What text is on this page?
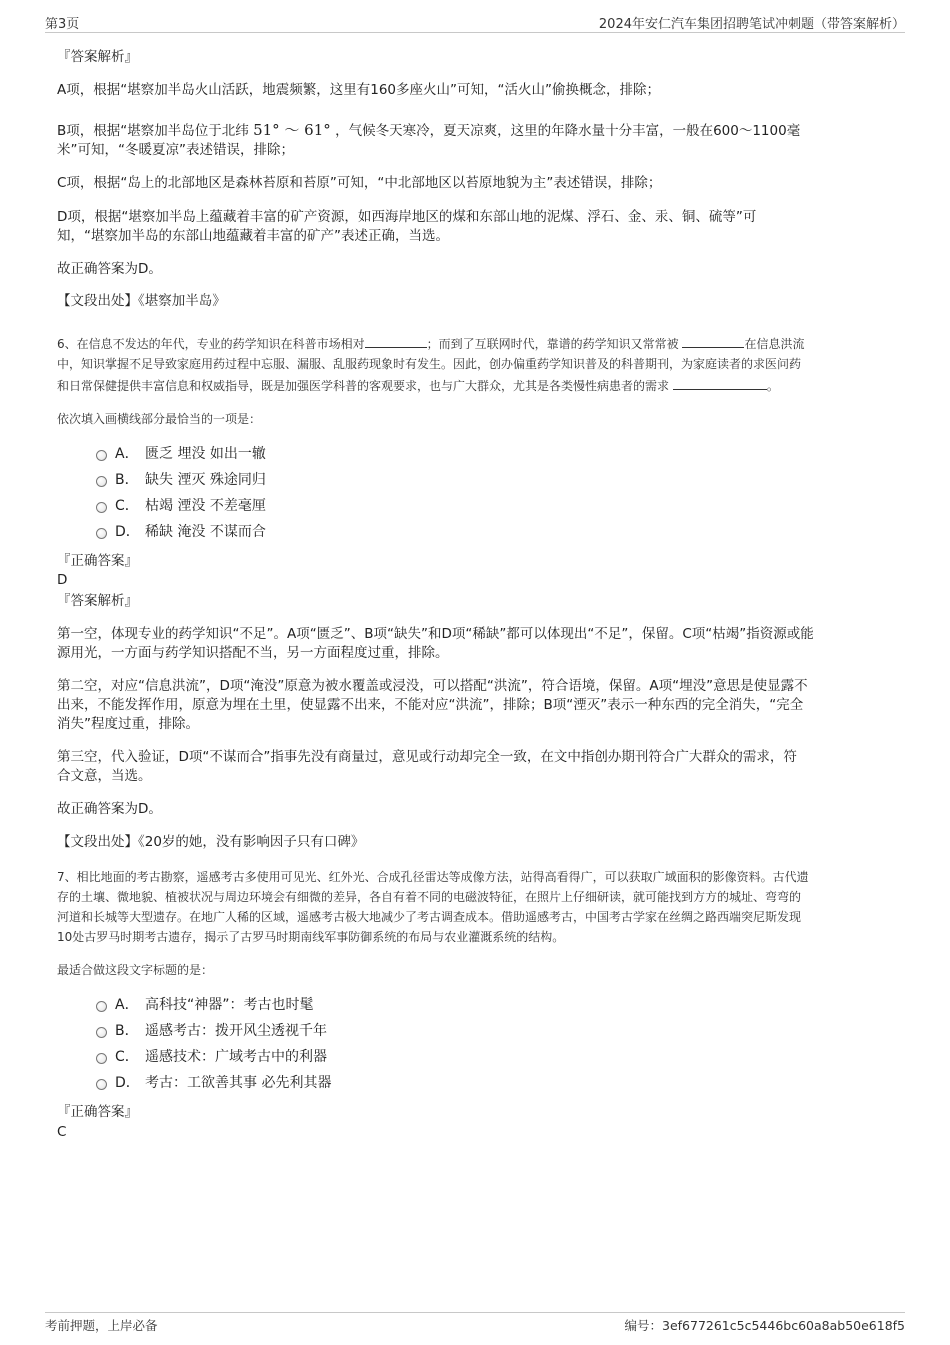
第3页	2024年安仁汽车集团招聘笔试冲刺题（带答案解析）
『答案解析』
A项，根据“堪察加半岛火山活跃，地震频繁，这里有160多座火山”可知，“活火山”偷换概念，排除；
B项，根据“堪察加半岛位于北纬 51° ～ 61° ，气候冬天寒冷，夏天凉爽，这里的年降水量十分丰富，一般在600～1100毫
米”可知，“冬暖夏凉”表述错误，排除；
C项，根据“岛上的北部地区是森林苔原和苔原”可知，“中北部地区以苔原地貌为主”表述错误，排除；
D项，根据“堪察加半岛上蕴藏着丰富的矿产资源，如西海岸地区的煤和东部山地的泥煤、浮石、金、汞、铜、硫等”可
知，“堪察加半岛的东部山地蕴藏着丰富的矿产”表述正确，当选。
故正确答案为D。
【文段出处】《堪察加半岛》
6、在信息不发达的年代，专业的药学知识在科普市场相对	；而到了互联网时代，靠谱的药学知识又常常被	在信息洪流
中，知识掌握不足导致家庭用药过程中忘服、漏服、乱服药现象时有发生。因此，创办偏重药学知识普及的科普期刊，为家庭读者的求医问药
和日常保健提供丰富信息和权威指导，既是加强医学科普的客观要求，也与广大群众，尤其是各类慢性病患者的需求	。
依次填入画横线部分最恰当的一项是：
A． 匮乏 埋没 如出一辙
B． 缺失 湮灭 殊途同归
C． 枯竭 湮没 不差毫厘
D． 稀缺 淹没 不谋而合
『正确答案』
D
『答案解析』
第一空，体现专业的药学知识“不足”。A项“匮乏”、B项“缺失”和D项“稀缺”都可以体现出“不足”，保留。C项“枯竭”指资源或能
源用光，一方面与药学知识搭配不当，另一方面程度过重，排除。
第二空，对应“信息洪流”，D项“淹没”原意为被水覆盖或浸没，可以搭配“洪流”，符合语境，保留。A项“埋没”意思是使显露不
出来，不能发挥作用，原意为埋在土里，使显露不出来，不能对应“洪流”，排除；B项“湮灭”表示一种东西的完全消失，“完全
消失”程度过重，排除。
第三空，代入验证，D项“不谋而合”指事先没有商量过，意见或行动却完全一致，在文中指创办期刊符合广大群众的需求，符
合文意，当选。
故正确答案为D。
【文段出处】《20岁的她，没有影响因子只有口碑》
7、相比地面的考古勘察，遥感考古多使用可见光、红外光、合成孔径雷达等成像方法，站得高看得广，可以获取广域面积的影像资料。古代遗
存的土壤、微地貌、植被状况与周边环境会有细微的差异，各自有着不同的电磁波特征，在照片上仔细研读，就可能找到方方的城址、弯弯的
河道和长城等大型遗存。在地广人稀的区域，遥感考古极大地减少了考古调查成本。借助遥感考古，中国考古学家在丝绸之路西端突尼斯发现
10处古罗马时期考古遗存，揭示了古罗马时期南线军事防御系统的布局与农业灌溉系统的结构。
最适合做这段文字标题的是：
A． 高科技“神器”：考古也时髦
B． 遥感考古：拨开风尘透视千年
C． 遥感技术：广域考古中的利器
D． 考古：工欲善其事 必先利其器
『正确答案』
C
考前押题，上岸必备	编号：3ef677261c5c5446bc60a8ab50e618f5
